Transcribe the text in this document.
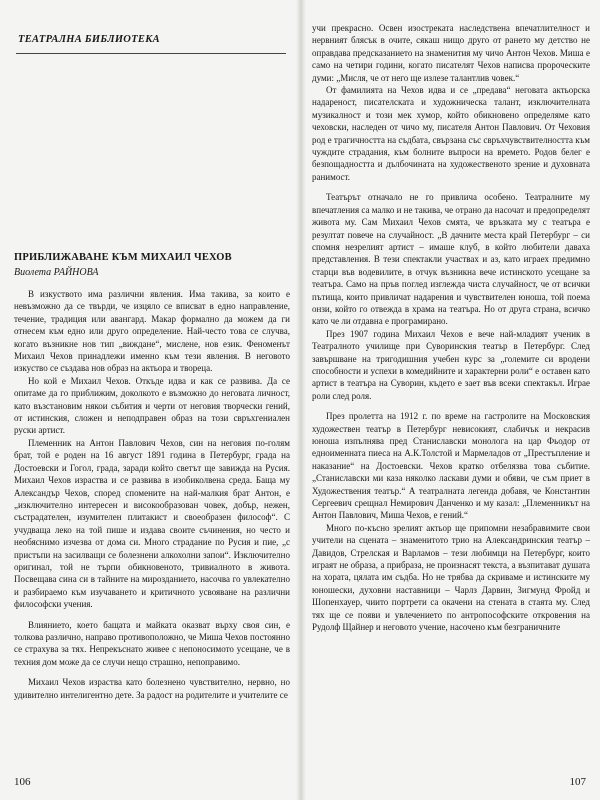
ТЕАТРАЛНА БИБЛИОТЕКА
ПРИБЛИЖАВАНЕ КЪМ МИХАИЛ ЧЕХОВ
Виолета РАЙНОВА

В изкуството има различни явления. Има такива, за които е невъзможно да се твърди, че изцяло се вписват в едно направление, течение, традиция или авангард. Макар формално да можем да ги отнесем към едно или друго определение. Най-често това се случва, когато възникне нов тип „виждане“, мислене, нов език. Феноменът Михаил Чехов принадлежи именно към тези явления. В неговото изкуство се създава нов образ на актьора и твореца.

Но кой е Михаил Чехов. Откъде идва и как се развива. Да се опитаме да го приближим, доколкото е възможно до неговата личност, като възстановим някои събития и черти от неговия творчески гений, от истинския, сложен и неподправен образ на този свръхгениален руски артист.

Племенник на Антон Павлович Чехов, син на неговия по-голям брат, той е роден на 16 август 1891 година в Петербург, града на Достоевски и Гогол, града, заради който светът ще завижда на Русия. Михаил Чехов израства и се развива в изобиколвена среда. Баща му Александър Чехов, според спомените на най-малкия брат Антон, е „изключително интересен и високообразован човек, добър, нежен, състрадателен, изумителен плитакист и своеобразен философ“. С учудваща леко на той пише и издава своите съчинения, но често и необяснимо изчезва от дома си. Много страдание по Русия и пие, „с пристъпи на засилващи се болезнени алкохолни запои“. Изключително оригинал, той не търпи обикновеното, тривиалното в живота. Посвещава сина си в тайните на мирозданието, насочва го увлекателно и разбираемо към изучаването и критичното усвояване на различни философски учения.

Влиянието, което бащата и майката оказват върху своя син, е толкова различно, направо противоположно, че Миша Чехов постоянно се страхува за тях. Непрекъснато живее с непоносимото усещане, че в техния дом може да се случи нещо страшно, непоправимо.

Михаил Чехов израства като болезнено чувствително, нервно, но удивително интелигентно дете. За радост на родителите и учителите се

106

учи прекрасно. Освен изостреката наследствена впечатлителност и нервният блясък в очите, сякаш нищо друго от рането му детство не оправдава предсказанието на знаменития му чичо Антон Чехов. Миша е само на четири години, когато писателят Чехов написва пророческите думи: „Мисля, че от него ще излезе талантлив човек.“

От фамилията на Чехов идва и се „предава“ неговата актьорска надареност, писателската и художническа талант, изключителната музикалност и този мек хумор, който обикновено определяме като чеховски, наследен от чичо му, писателя Антон Павлович. От Чеховия род е трагичността на съдбата, свързана със свръхчувствителността към чуждите страдания, към болните въпроси на времето. Родов белег е безпощадността и дълбочината на художественото зрение и духовната ранимост.

Театърът отначало не го привлича особено. Театралните му впечатления са малко и не такива, че отрано да насочат и предопределят живота му. Сам Михаил Чехов смята, че връзката му с театъра е резултат повече на случайност. „В дачните места край Петербург – си спомня незрелият артист – имаше клуб, в който любители даваха представления. В тези спектакли участвах и аз, като играех предимно старци във водевилите, в отчук възникна вече истинското усещане за театъра. Само на пръв поглед изглежда чиста случайност, че от всички пътища, които привличат надарения и чувствителен юноша, той поема онзи, който го отвежда в храма на театъра. Но от друга страна, всичко като че ли отдавна е програмирано.

През 1907 година Михаил Чехов е вече най-младият ученик в Театралното училище при Суворинския театър в Петербург. След завършване на тригодишния учебен курс за „големите си вродени способности и успехи в комедийните и характерни роли“ е оставен като артист в театъра на Суворин, където е зает във всеки спектакъл. Играе роли след роля.

През пролетта на 1912 г. по време на гастролите на Московския художествен театър в Петербург невисокият, слабичък и некрасив юноша изпълнява пред Станиславски монолога на цар Фьодор от едноименната пиеса на А.К.Толстой и Мармеладов от „Престъпление и наказание“ на Достоевски. Чехов кратко отбелязва това събитие. „Станиславски ми каза няколко ласкави думи и обяви, че съм приет в Художествения театър.“ А театралната легенда добавя, че Константин Сергеевич срещнал Немирович Данченко и му казал: „Племенникът на Антон Павлович, Миша Чехов, е гений.“

Много по-късно зрелият актьор ще припомни незабравимите свои учители на сцената – знаменитото трио на Александринския театър – Давидов, Стрелская и Варламов – тези любимци на Петербург, които играят не образа, а прибраза, не произнасят текста, а възпитават душата на хората, цялата им съдба. Но не трябва да скриваме и истинските му юношески, духовни наставници – Чарлз Дарвин, Зигмунд Фройд и Шопенхауер, чиито портрети са окачени на стената в стаята му. След тях ще се появи и увлечението по антропософските откровения на Рудолф Щайнер и неговото учение, насочено към безграничните

107
